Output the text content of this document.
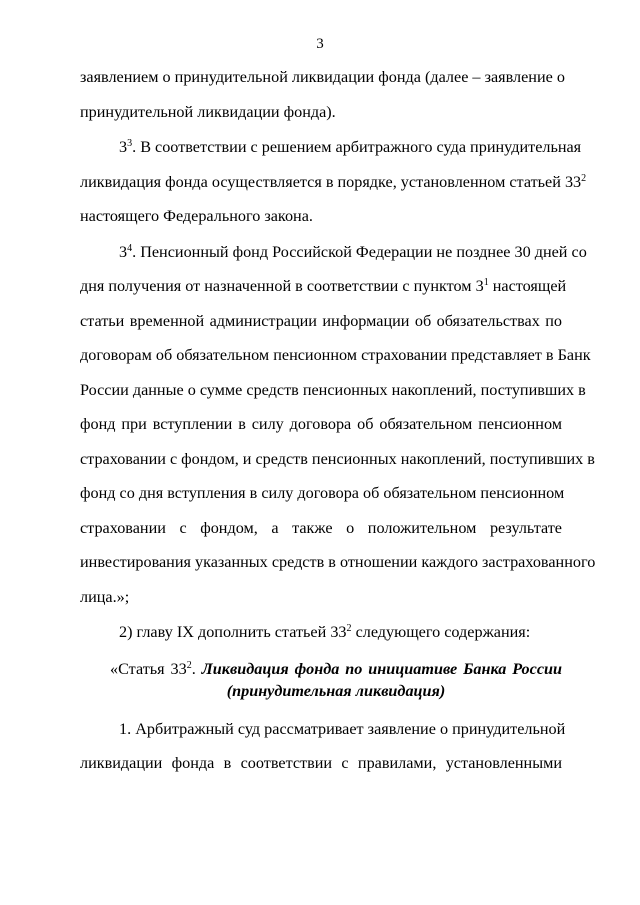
3

заявлением о принудительной ликвидации фонда (далее – заявление о
принудительной ликвидации фонда).

$3^3$. В соответствии с решением арбитражного суда принудительная
ликвидация фонда осуществляется в порядке, установленном статьей $33^2$
настоящего Федерального закона.

$3^4$. Пенсионный фонд Российской Федерации не позднее 30 дней со
дня получения от назначенной в соответствии с пунктом $3^1$ настоящей
статьи временной администрации информации об обязательствах по
договорам об обязательном пенсионном страховании представляет в Банк
России данные о сумме средств пенсионных накоплений, поступивших в
фонд при вступлении в силу договора об обязательном пенсионном
страховании с фондом, и средств пенсионных накоплений, поступивших в
фонд со дня вступления в силу договора об обязательном пенсионном
страховании с фондом, а также о положительном результате
инвестирования указанных средств в отношении каждого застрахованного
лица.»;

2) главу IX дополнить статьей $33^2$ следующего содержания:

«Статья $33^2$. Ликвидация фонда по инициативе Банка России
(принудительная ликвидация)

1. Арбитражный суд рассматривает заявление о принудительной
ликвидации фонда в соответствии с правилами, установленными
